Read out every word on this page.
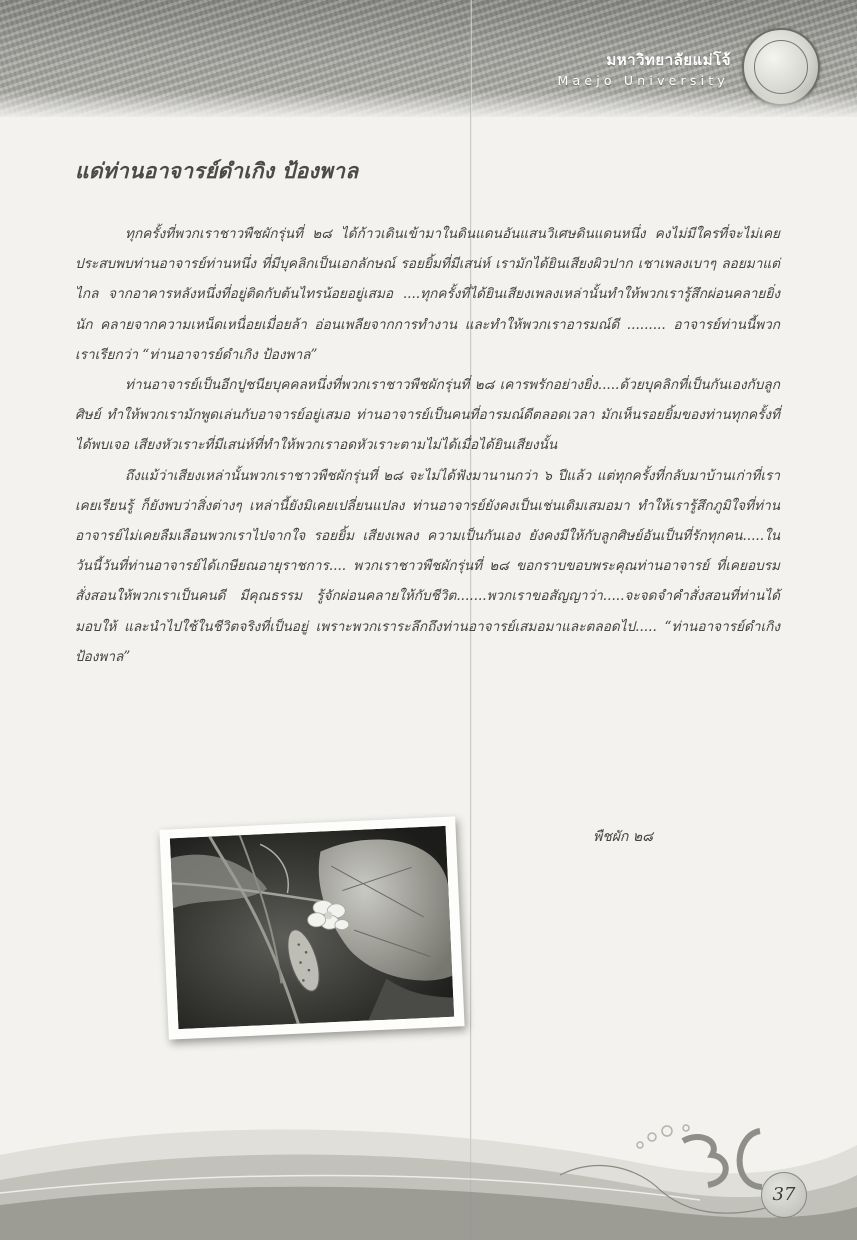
มหาวิทยาลัยแม่โจ้
Maejo University
แด่ท่านอาจารย์ดำเกิง ป้องพาล

ทุกครั้งที่พวกเราชาวพืชผักรุ่นที่ ๒๘ ได้ก้าวเดินเข้ามาในดินแดนอันแสนวิเศษดินแดนหนึ่ง คงไม่มีใครที่จะไม่เคยประสบพบท่านอาจารย์ท่านหนึ่ง ที่มีบุคลิกเป็นเอกลักษณ์ รอยยิ้มที่มีเสน่ห์ เรามักได้ยินเสียงผิวปาก เชาเพลงเบาๆ ลอยมาแต่ไกล จากอาคารหลังหนึ่งที่อยู่ติดกับต้นไทรน้อยอยู่เสมอ ....ทุกครั้งที่ได้ยินเสียงเพลงเหล่านั้นทำให้พวกเรารู้สึกผ่อนคลายยิ่งนัก คลายจากความเหน็ดเหนื่อยเมื่อยล้า อ่อนเพลียจากการทำงาน และทำให้พวกเราอารมณ์ดี ......... อาจารย์ท่านนี้พวกเราเรียกว่า “ท่านอาจารย์ดำเกิง ป้องพาล”

ท่านอาจารย์เป็นอีกปูชนียบุคคลหนึ่งที่พวกเราชาวพืชผักรุ่นที่ ๒๘ เคารพรักอย่างยิ่ง.....ด้วยบุคลิกที่เป็นกันเองกับลูกศิษย์ ทำให้พวกเรามักพูดเล่นกับอาจารย์อยู่เสมอ ท่านอาจารย์เป็นคนที่อารมณ์ดีตลอดเวลา มักเห็นรอยยิ้มของท่านทุกครั้งที่ได้พบเจอ เสียงหัวเราะที่มีเสน่ห์ที่ทำให้พวกเราอดหัวเราะตามไม่ได้เมื่อได้ยินเสียงนั้น

ถึงแม้ว่าเสียงเหล่านั้นพวกเราชาวพืชผักรุ่นที่ ๒๘ จะไม่ได้ฟังมานานกว่า ๖ ปีแล้ว แต่ทุกครั้งที่กลับมาบ้านเก่าที่เราเคยเรียนรู้ ก็ยังพบว่าสิ่งต่างๆ เหล่านี้ยังมิเคยเปลี่ยนแปลง ท่านอาจารย์ยังคงเป็นเช่นเดิมเสมอมา ทำให้เรารู้สึกภูมิใจที่ท่านอาจารย์ไม่เคยลืมเลือนพวกเราไปจากใจ รอยยิ้ม เสียงเพลง ความเป็นกันเอง ยังคงมีให้กับลูกศิษย์อันเป็นที่รักทุกคน.....ในวันนี้วันที่ท่านอาจารย์ได้เกษียณอายุราชการ.... พวกเราชาวพืชผักรุ่นที่ ๒๘ ขอกราบขอบพระคุณท่านอาจารย์ ที่เคยอบรมสั่งสอนให้พวกเราเป็นคนดี มีคุณธรรม รู้จักผ่อนคลายให้กับชีวิต.......พวกเราขอสัญญาว่า.....จะจดจำคำสั่งสอนที่ท่านได้มอบให้ และนำไปใช้ในชีวิตจริงที่เป็นอยู่ เพราะพวกเราระลึกถึงท่านอาจารย์เสมอมาและตลอดไป..... “ท่านอาจารย์ดำเกิง ป้องพาล”

พืชผัก ๒๘
37
